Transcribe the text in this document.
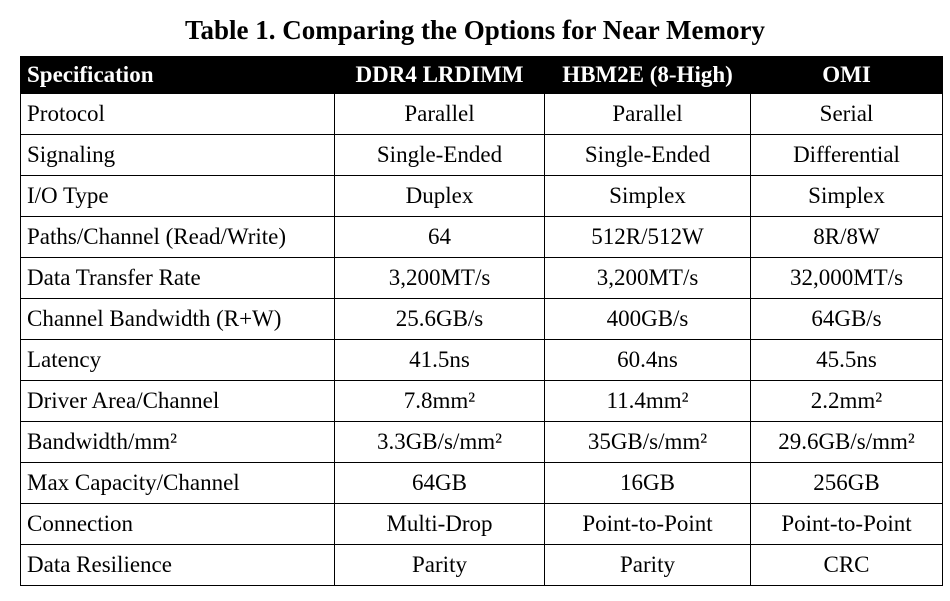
Table 1. Comparing the Options for Near Memory
Specification	DDR4 LRDIMM	HBM2E (8-High)	OMI
Protocol	Parallel	Parallel	Serial
Signaling	Single-Ended	Single-Ended	Differential
I/O Type	Duplex	Simplex	Simplex
Paths/Channel (Read/Write)	64	512R/512W	8R/8W
Data Transfer Rate	3,200MT/s	3,200MT/s	32,000MT/s
Channel Bandwidth (R+W)	25.6GB/s	400GB/s	64GB/s
Latency	41.5ns	60.4ns	45.5ns
Driver Area/Channel	7.8mm²	11.4mm²	2.2mm²
Bandwidth/mm²	3.3GB/s/mm²	35GB/s/mm²	29.6GB/s/mm²
Max Capacity/Channel	64GB	16GB	256GB
Connection	Multi-Drop	Point-to-Point	Point-to-Point
Data Resilience	Parity	Parity	CRC
